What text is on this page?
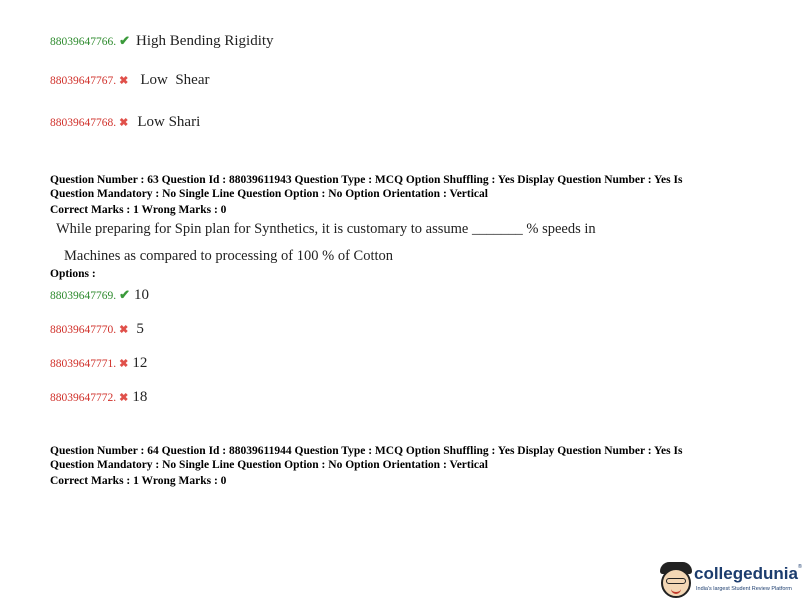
88039647766. ✔ High Bending Rigidity
88039647767. ✖ Low  Shear
88039647768. ✖ Low Shari
Question Number : 63 Question Id : 88039611943 Question Type : MCQ Option Shuffling : Yes Display Question Number : Yes Is
Question Mandatory : No Single Line Question Option : No Option Orientation : Vertical
Correct Marks : 1 Wrong Marks : 0
While preparing for Spin plan for Synthetics, it is customary to assume _______ % speeds in
Machines as compared to processing of 100 % of Cotton
Options :
88039647769. ✔ 10
88039647770. ✖ 5
88039647771. ✖ 12
88039647772. ✖ 18
Question Number : 64 Question Id : 88039611944 Question Type : MCQ Option Shuffling : Yes Display Question Number : Yes Is
Question Mandatory : No Single Line Question Option : No Option Orientation : Vertical
Correct Marks : 1 Wrong Marks : 0
collegedunia®
India's largest Student Review Platform
